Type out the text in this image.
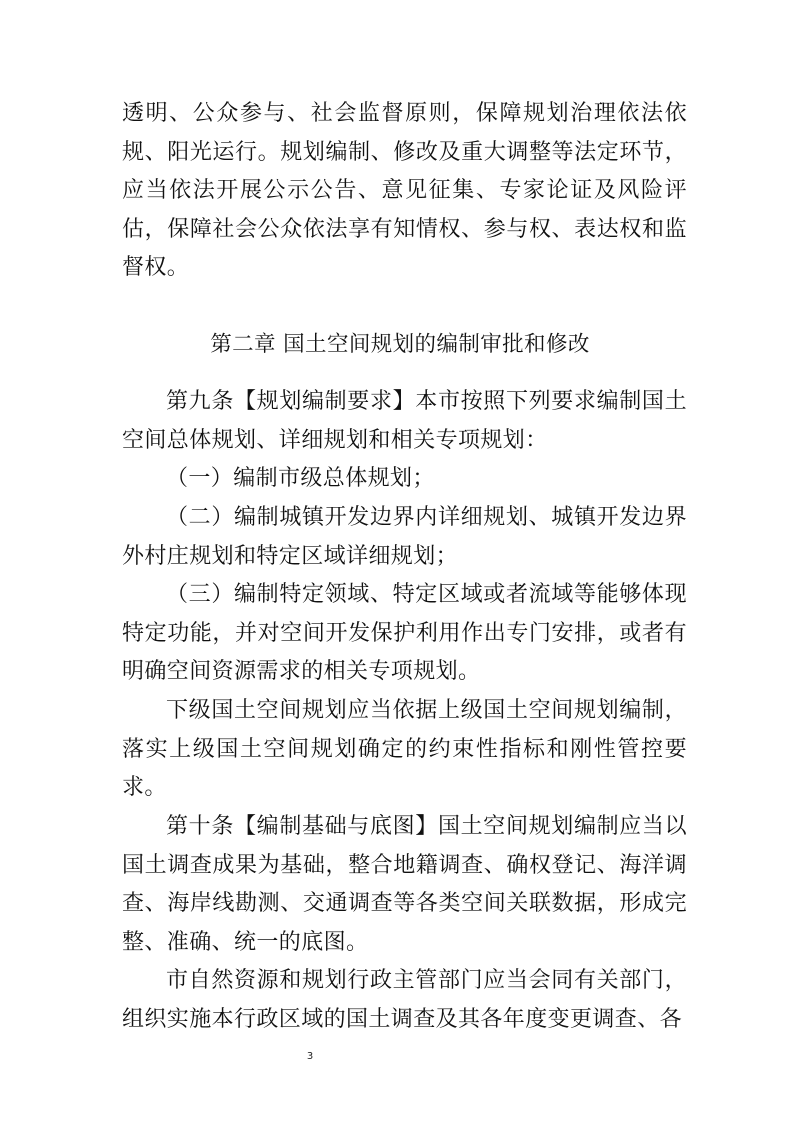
透明、公众参与、社会监督原则，保障规划治理依法依规、阳光运行。规划编制、修改及重大调整等法定环节，应当依法开展公示公告、意见征集、专家论证及风险评估，保障社会公众依法享有知情权、参与权、表达权和监督权。

第二章 国土空间规划的编制审批和修改

第九条【规划编制要求】本市按照下列要求编制国土空间总体规划、详细规划和相关专项规划：

（一）编制市级总体规划；

（二）编制城镇开发边界内详细规划、城镇开发边界外村庄规划和特定区域详细规划；

（三）编制特定领域、特定区域或者流域等能够体现特定功能，并对空间开发保护利用作出专门安排，或者有明确空间资源需求的相关专项规划。

下级国土空间规划应当依据上级国土空间规划编制，落实上级国土空间规划确定的约束性指标和刚性管控要求。

第十条【编制基础与底图】国土空间规划编制应当以国土调查成果为基础，整合地籍调查、确权登记、海洋调查、海岸线勘测、交通调查等各类空间关联数据，形成完整、准确、统一的底图。

市自然资源和规划行政主管部门应当会同有关部门，组织实施本行政区域的国土调查及其各年度变更调查、各

3
